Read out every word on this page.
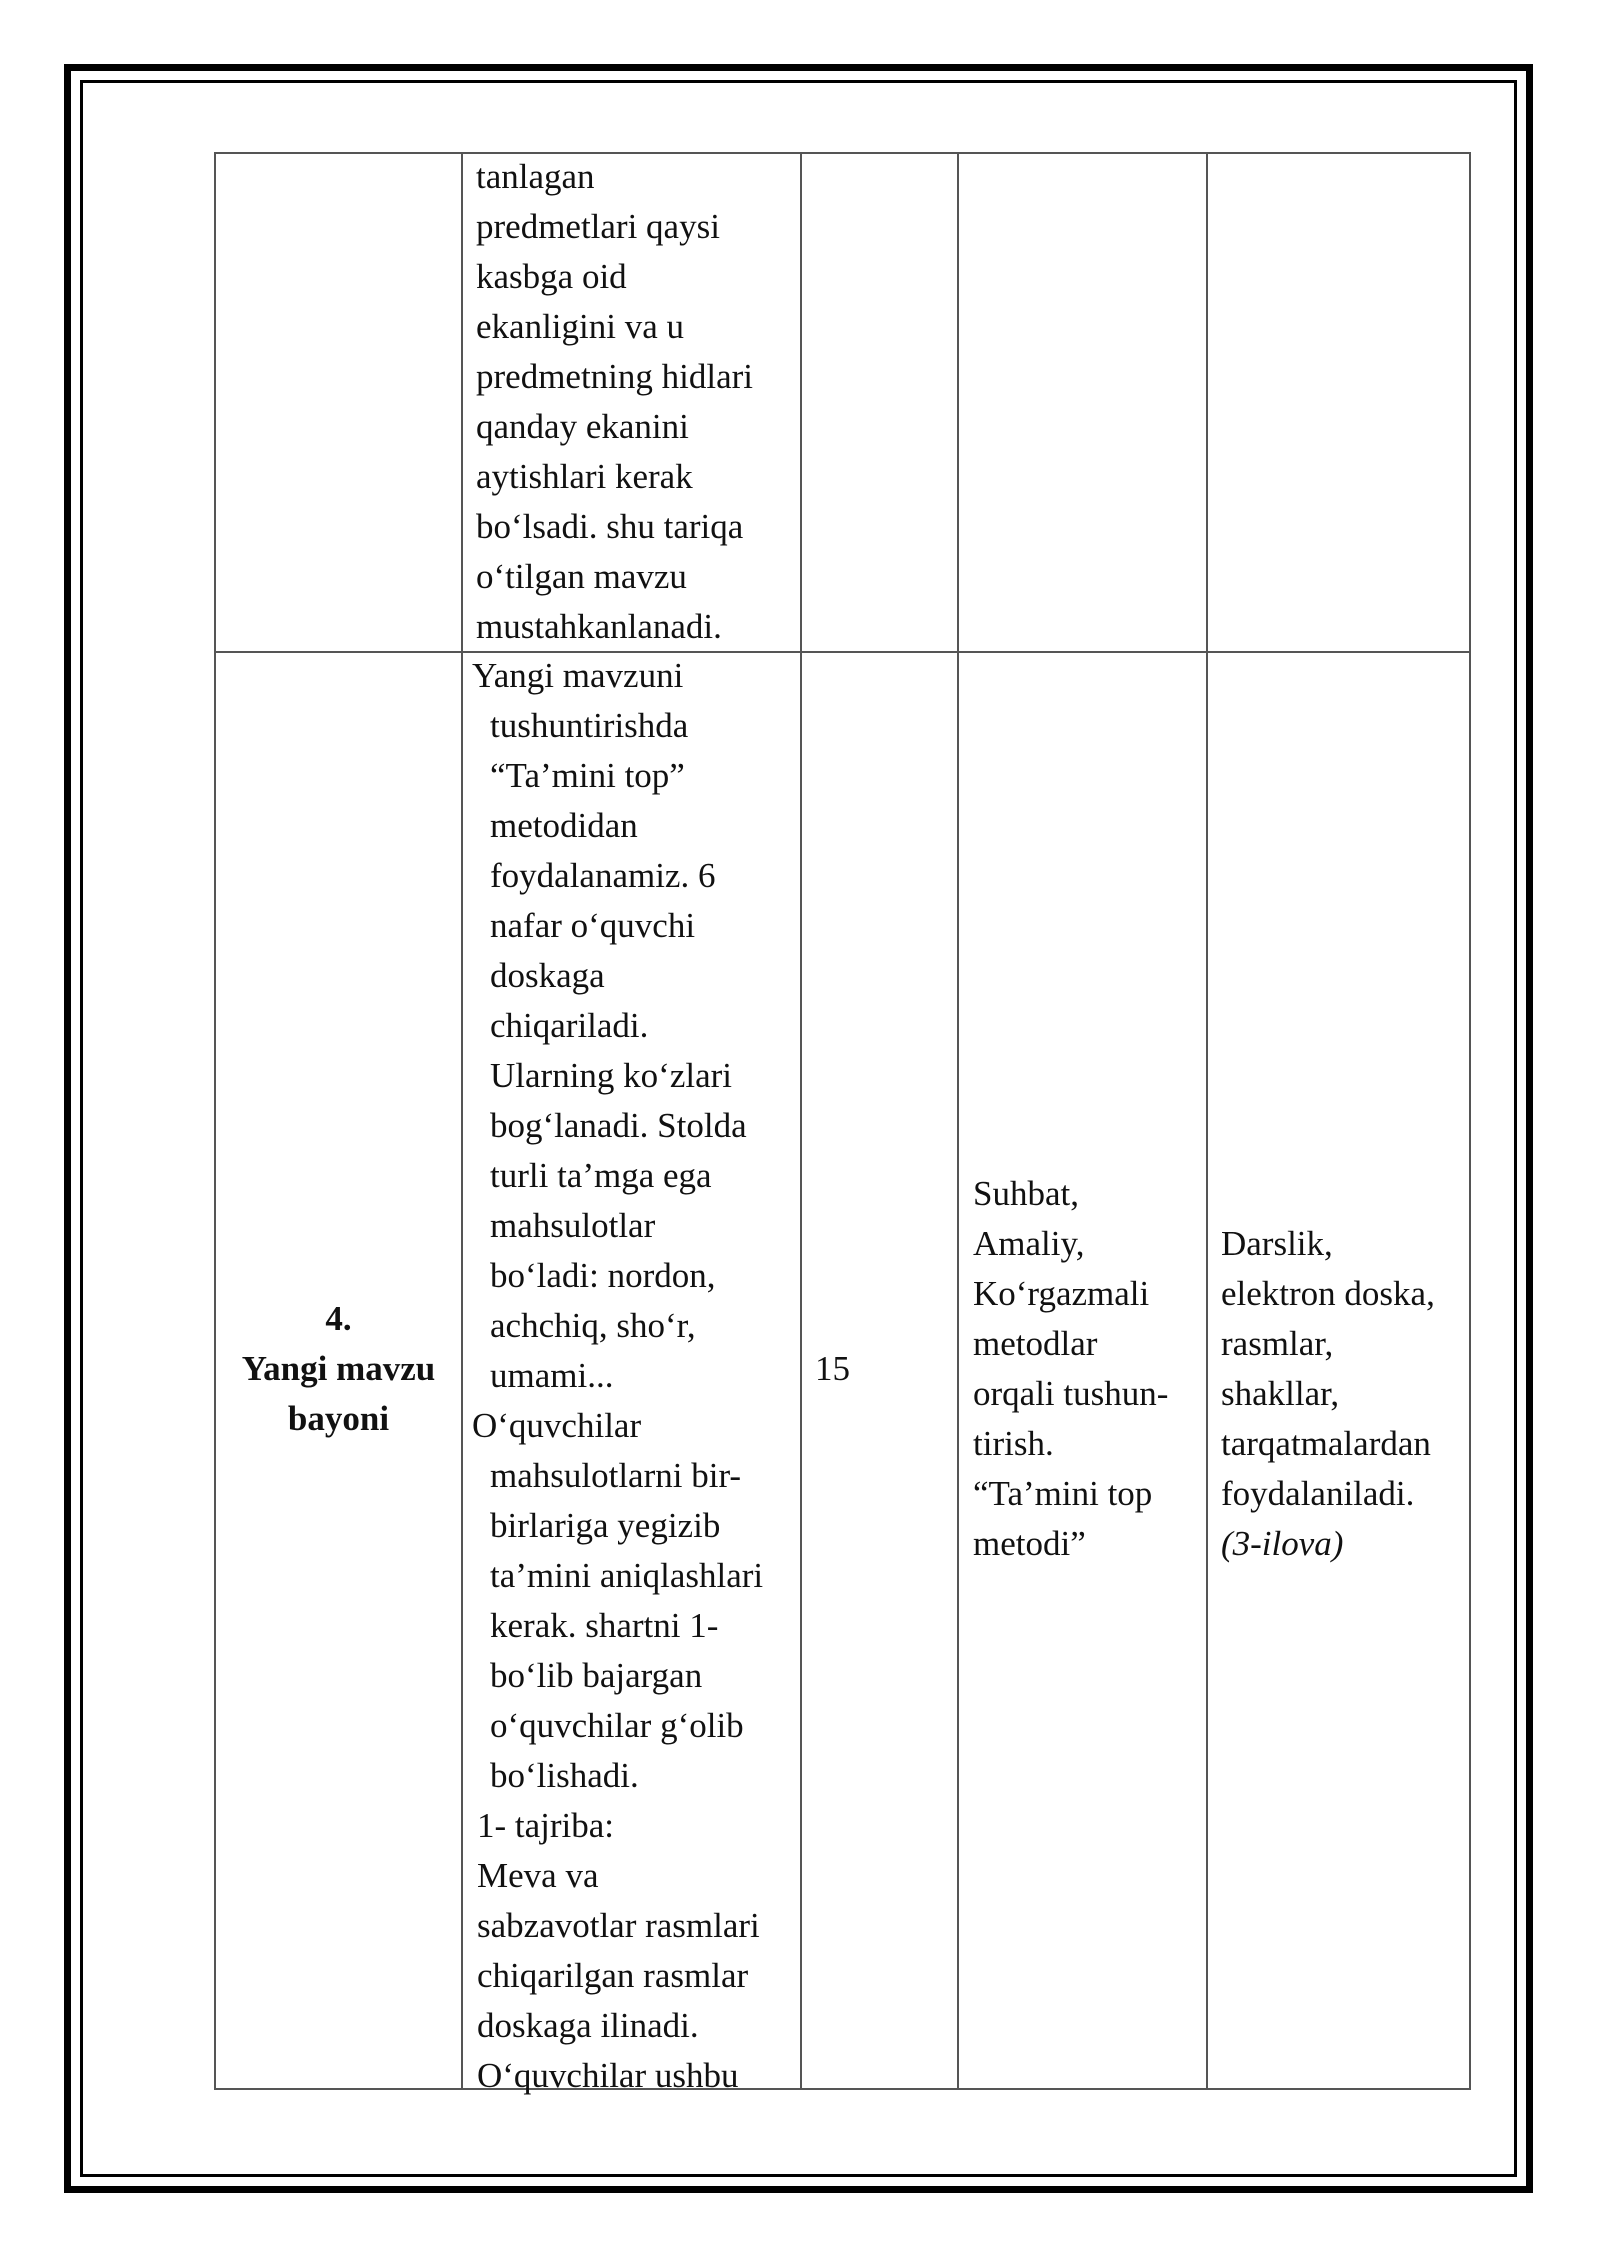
tanlagan
predmetlari qaysi
kasbga oid
ekanligini va u
predmetning hidlari
qanday ekanini
aytishlari kerak
bo‘lsadi. shu tariqa
o‘tilgan mavzu
mustahkanlanadi.
4.
Yangi mavzu
bayoni
Yangi mavzuni
tushuntirishda
“Ta’mini top”
metodidan
foydalanamiz. 6
nafar o‘quvchi
doskaga
chiqariladi.
Ularning ko‘zlari
bog‘lanadi. Stolda
turli ta’mga ega
mahsulotlar
bo‘ladi: nordon,
achchiq, sho‘r,
umami...
O‘quvchilar
mahsulotlarni bir-
birlariga yegizib
ta’mini aniqlashlari
kerak. shartni 1-
bo‘lib bajargan
o‘quvchilar g‘olib
bo‘lishadi.
1- tajriba:
Meva va
sabzavotlar rasmlari
chiqarilgan rasmlar
doskaga ilinadi.
O‘quvchilar ushbu
15
Suhbat,
Amaliy,
Ko‘rgazmali
metodlar
orqali tushun-
tirish.
“Ta’mini top
metodi”
Darslik,
elektron doska,
rasmlar,
shakllar,
tarqatmalardan
foydalaniladi.
(3-ilova)
